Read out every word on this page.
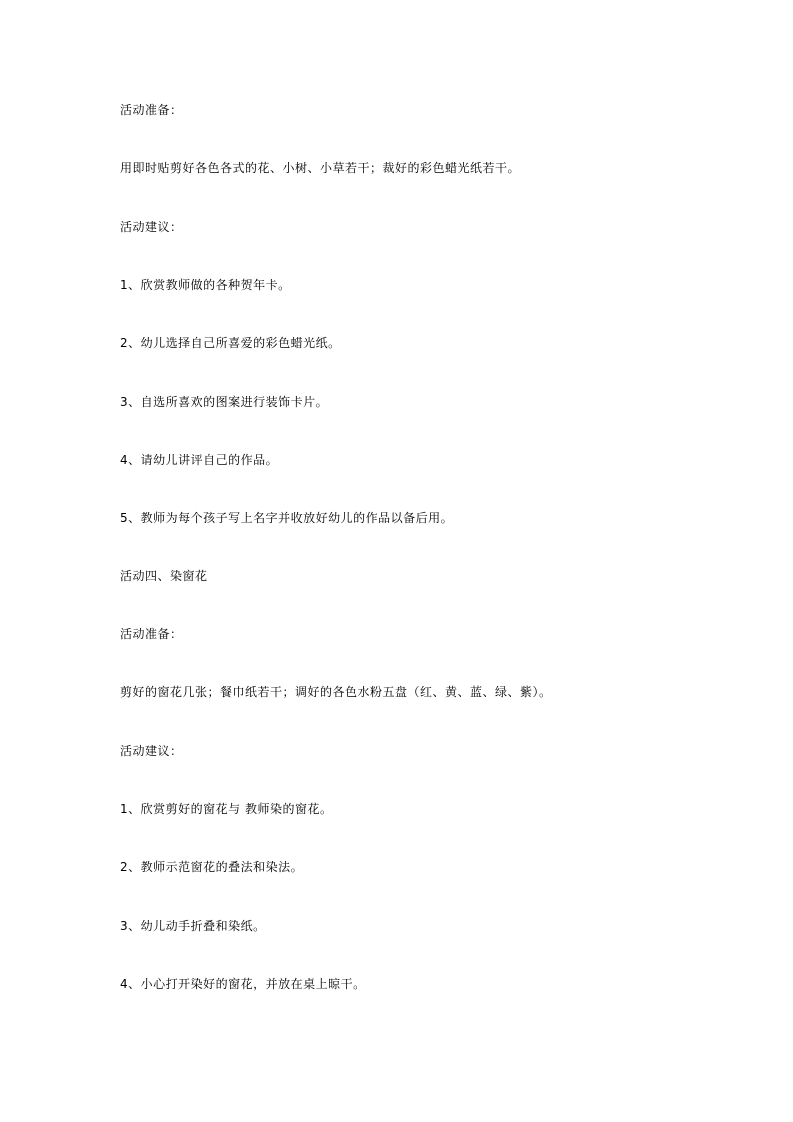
活动准备：
用即时贴剪好各色各式的花、小树、小草若干；裁好的彩色蜡光纸若干。
活动建议：
1、欣赏教师做的各种贺年卡。
2、幼儿选择自己所喜爱的彩色蜡光纸。
3、自选所喜欢的图案进行装饰卡片。
4、请幼儿讲评自己的作品。
5、教师为每个孩子写上名字并收放好幼儿的作品以备后用。
活动四、染窗花
活动准备：
剪好的窗花几张；餐巾纸若干；调好的各色水粉五盘（红、黄、蓝、绿、紫）。
活动建议：
1、欣赏剪好的窗花与 教师染的窗花。
2、教师示范窗花的叠法和染法。
3、幼儿动手折叠和染纸。
4、小心打开染好的窗花，并放在桌上晾干。
